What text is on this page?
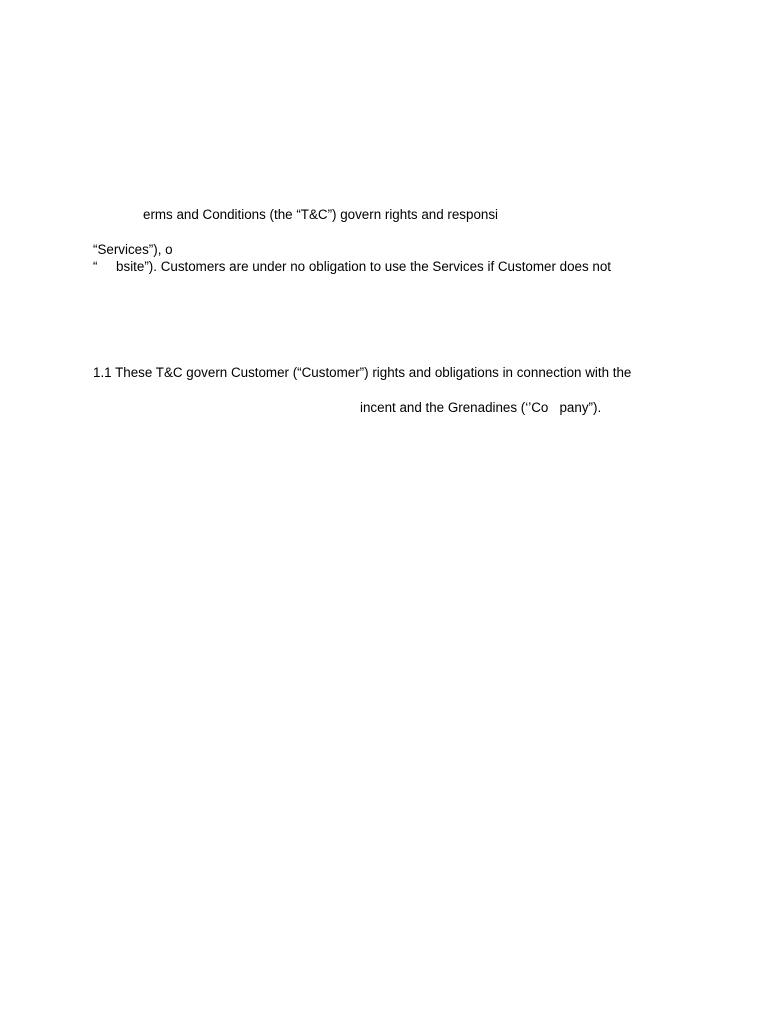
erms and Conditions (the “T&C”) govern rights and responsi
“Services”), o
“     bsite”). Customers are under no obligation to use the Services if Customer does not
1.1 These T&C govern Customer (“Customer”) rights and obligations in connection with the
incent and the Grenadines (‘’Co   pany”).
